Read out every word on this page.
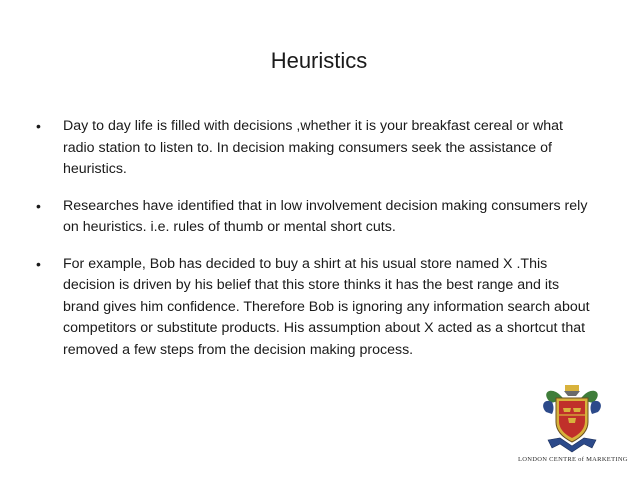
Heuristics
• Day to day life is filled with decisions ,whether it is your breakfast cereal or what radio station to listen to. In decision making consumers seek the assistance of heuristics.
• Researches have identified that in low involvement decision making consumers rely on heuristics. i.e. rules of thumb or mental short cuts.
• For example, Bob has decided to buy a shirt at his usual store named X .This decision is driven by his belief that this store thinks it has the best range and its brand gives him confidence. Therefore Bob is ignoring any information search about competitors or substitute products. His assumption about X acted as a shortcut that removed a few steps from the decision making process.
LONDON CENTRE of MARKETING
